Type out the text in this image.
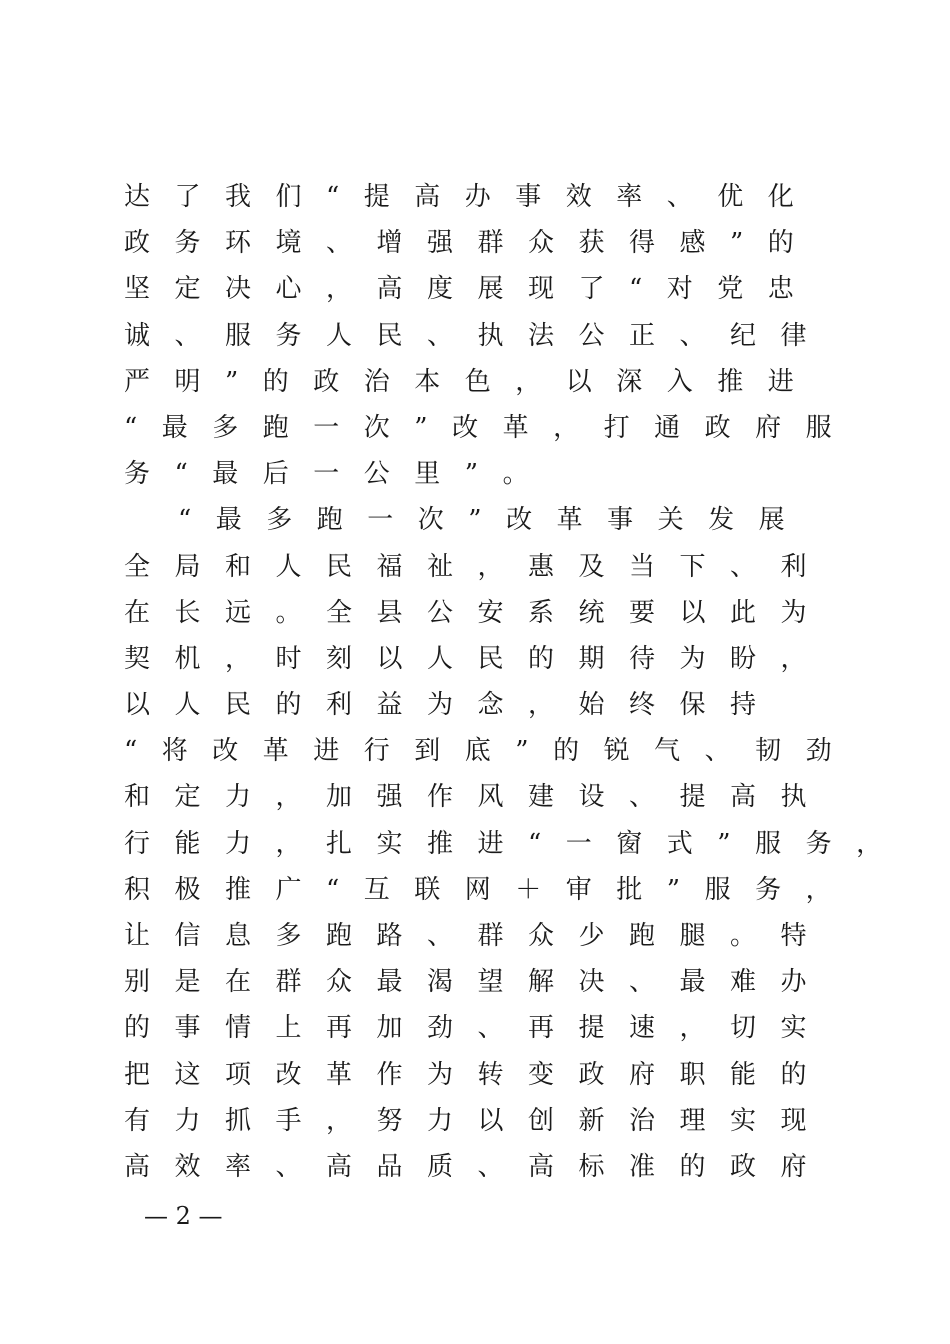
达了我们“提高办事效率、优化
政务环境、增强群众获得感”的
坚定决心，高度展现了“对党忠
诚、服务人民、执法公正、纪律
严明”的政治本色，以深入推进
“最多跑一次”改革，打通政府服
务“最后一公里”。
“最多跑一次”改革事关发展
全局和人民福祉，惠及当下、利
在长远。全县公安系统要以此为
契机，时刻以人民的期待为盼，
以人民的利益为念，始终保持
“将改革进行到底”的锐气、韧劲
和定力，加强作风建设、提高执
行能力，扎实推进“一窗式”服务，
积极推广“互联网＋审批”服务，
让信息多跑路、群众少跑腿。特
别是在群众最渴望解决、最难办
的事情上再加劲、再提速，切实
把这项改革作为转变政府职能的
有力抓手，努力以创新治理实现
高效率、高品质、高标准的政府
— 2 —
